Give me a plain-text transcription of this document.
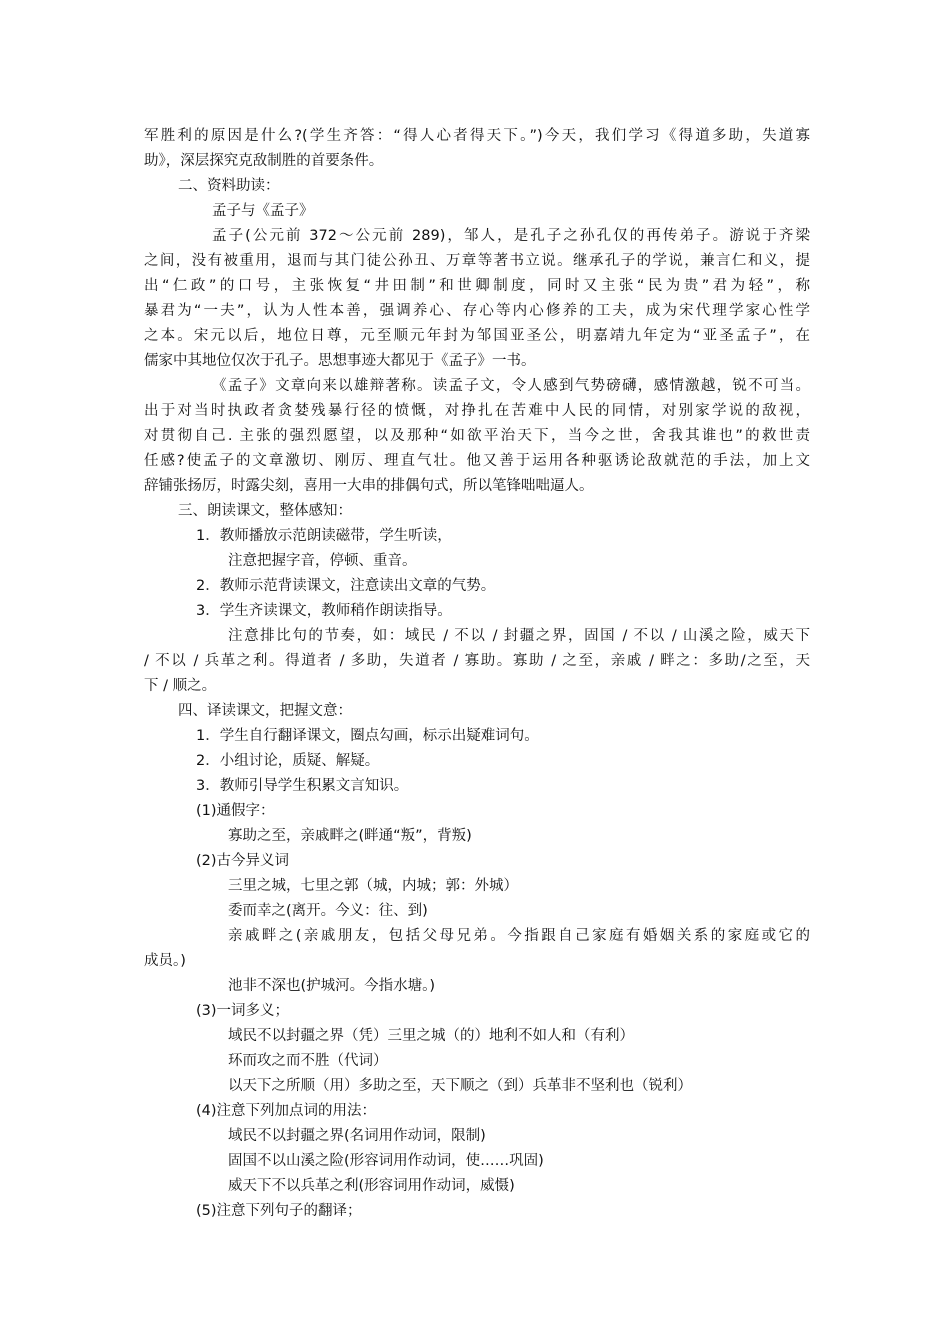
军胜利的原因是什么?(学生齐答：“得人心者得天下。”)今天，我们学习《得道多助，失道寡
助》，深层探究克敌制胜的首要条件。
二、资料助读：
孟子与《孟子》
孟子(公元前 372～公元前 289)，邹人，是孔子之孙孔仅的再传弟子。游说于齐梁
之间，没有被重用，退而与其门徒公孙丑、万章等著书立说。继承孔子的学说，兼言仁和义，提
出“仁政”的口号，主张恢复“井田制”和世卿制度，同时又主张“民为贵”君为轻”，称
暴君为“一夫”，认为人性本善，强调养心、存心等内心修养的工夫，成为宋代理学家心性学
之本。宋元以后，地位日尊，元至顺元年封为邹国亚圣公，明嘉靖九年定为“亚圣孟子”，在
儒家中其地位仅次于孔子。思想事迹大都见于《孟子》一书。
《孟子》文章向来以雄辩著称。读孟子文，令人感到气势磅礴，感情激越，锐不可当。
出于对当时执政者贪婪残暴行径的愤慨，对挣扎在苦难中人民的同情，对别家学说的敌视，
对贯彻自己. 主张的强烈愿望，以及那种“如欲平治天下，当今之世，舍我其谁也”的救世责
任感?使孟子的文章激切、刚厉、理直气壮。他又善于运用各种驱诱论敌就范的手法，加上文
辞铺张扬厉，时露尖刻，喜用一大串的排偶句式，所以笔锋咄咄逼人。
三、朗读课文，整体感知：
1．教师播放示范朗读磁带，学生听读，
注意把握字音，停顿、重音。
2．教师示范背读课文，注意读出文章的气势。
3．学生齐读课文，教师稍作朗读指导。
注意排比句的节奏，如：域民 / 不以 / 封疆之界，固国 / 不以 / 山溪之险，威天下
/ 不以 / 兵革之利。得道者 / 多助，失道者 / 寡助。寡助 / 之至，亲戚 / 畔之：多助/之至，天
下 / 顺之。
四、译读课文，把握文意：
1．学生自行翻译课文，圈点勾画，标示出疑难词句。
2．小组讨论，质疑、解疑。
3．教师引导学生积累文言知识。
(1)通假字：
寡助之至，亲戚畔之(畔通“叛”，背叛)
(2)古今异义词
三里之城，七里之郭（城，内城；郭：外城）
委而幸之(离开。今义：往、到)
亲戚畔之(亲戚朋友，包括父母兄弟。今指跟自己家庭有婚姻关系的家庭或它的
成员。)
池非不深也(护城河。今指水塘。)
(3)一词多义；
域民不以封疆之界（凭）三里之城（的）地利不如人和（有利）
环而攻之而不胜（代词）
以天下之所顺（用）多助之至，天下顺之（到）兵革非不坚利也（锐利）
(4)注意下列加点词的用法：
域民不以封疆之界(名词用作动词，限制)
固国不以山溪之险(形容词用作动词，使……巩固)
威天下不以兵革之利(形容词用作动词，威慑)
(5)注意下列句子的翻译；
